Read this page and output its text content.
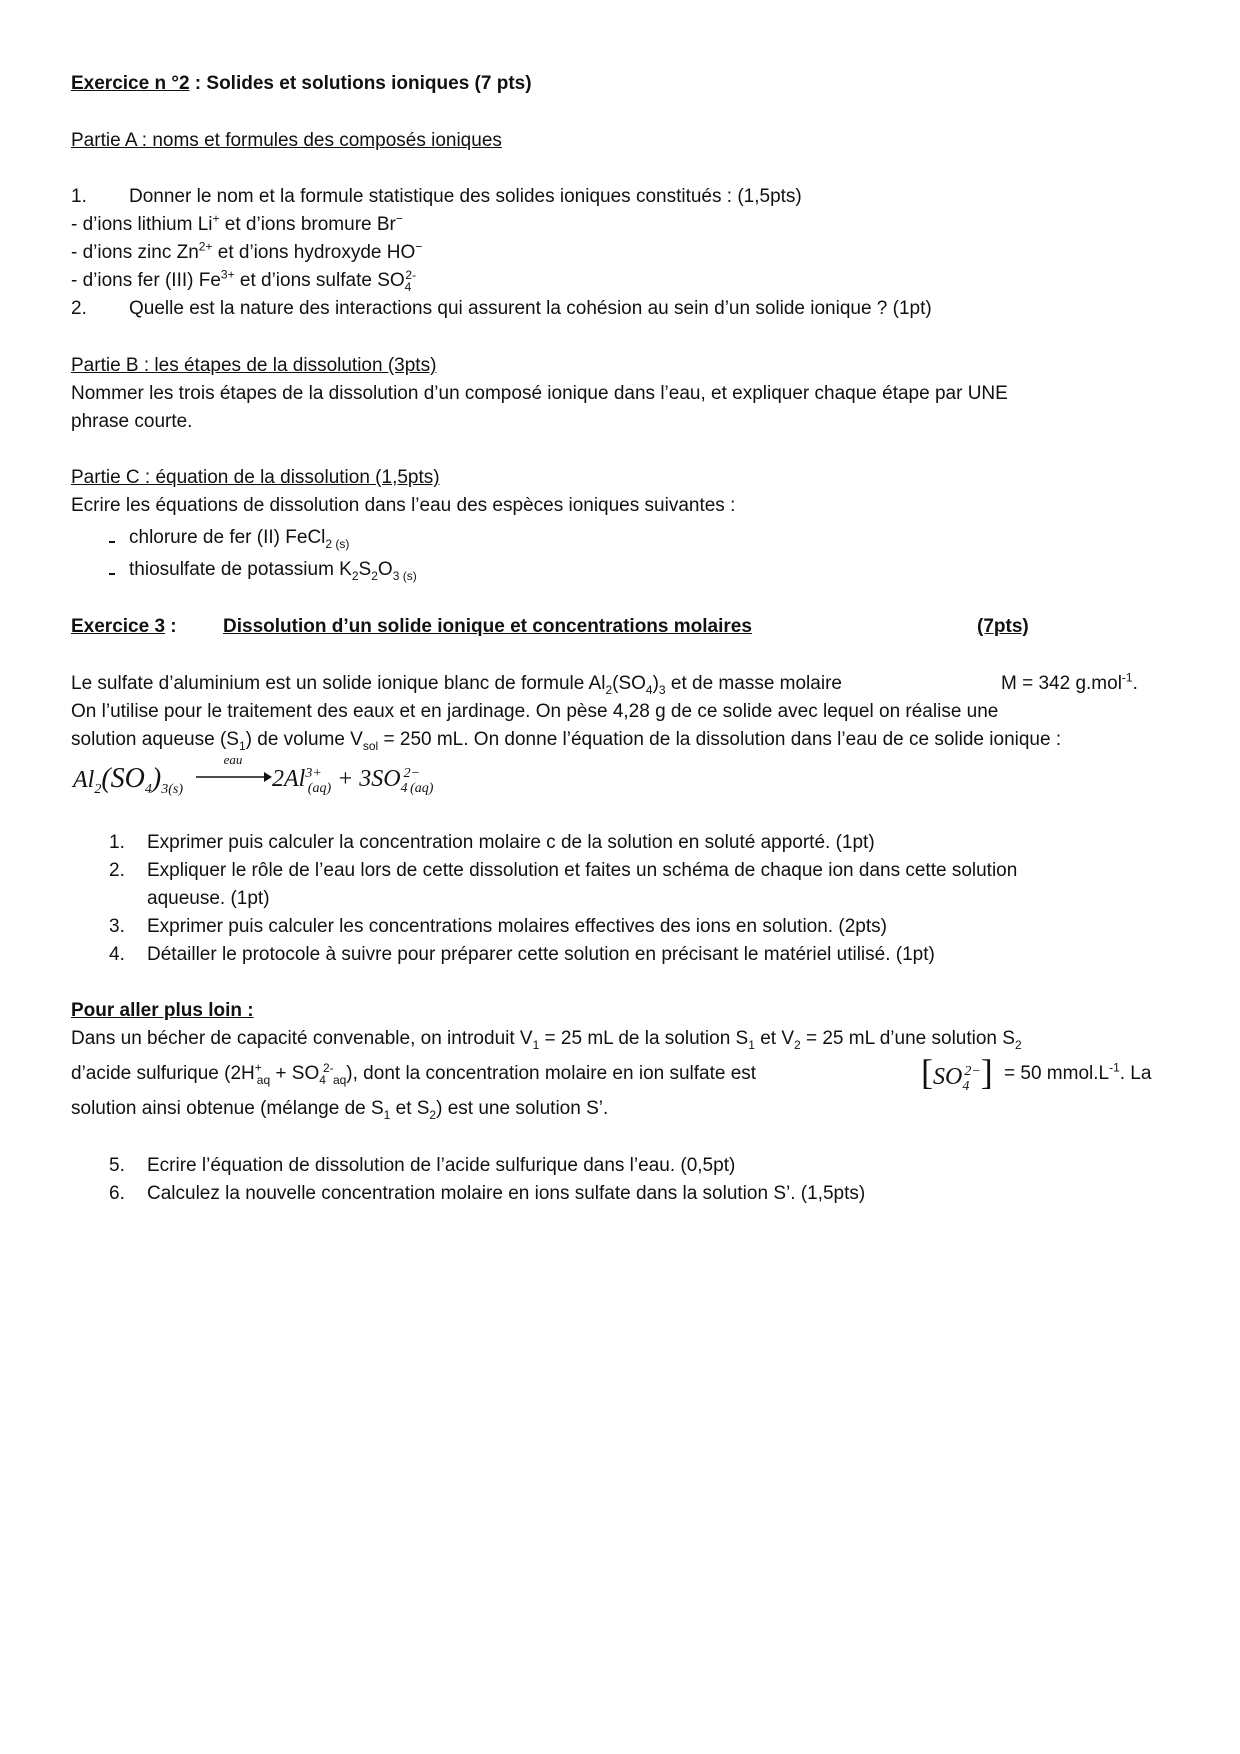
Exercice n °2 : Solides et solutions ioniques (7 pts)
Partie A : noms et formules des composés ioniques
1. Donner le nom et la formule statistique des solides ioniques constitués : (1,5pts)
- d’ions lithium Li+ et d’ions bromure Br−
- d’ions zinc $Zn^{2+}$ et d’ions hydroxyde HO−
- d’ions fer (III) $Fe^{3+}$ et d’ions sulfate $SO_4^{2-}$
2. Quelle est la nature des interactions qui assurent la cohésion au sein d’un solide ionique ? (1pt)
Partie B : les étapes de la dissolution (3pts)
Nommer les trois étapes de la dissolution d’un composé ionique dans l’eau, et expliquer chaque étape par UNE
phrase courte.
Partie C : équation de la dissolution (1,5pts)
Ecrire les équations de dissolution dans l’eau des espèces ioniques suivantes :
chlorure de fer (II) FeCl$_{2 (s)}$
thiosulfate de potassium $K_2S_2O_{3 (s)}$
Exercice 3 : Dissolution d’un solide ionique et concentrations molaires	(7pts)
Le sulfate d’aluminium est un solide ionique blanc de formule $Al_2(SO_4)_3$ et de masse molaire	M = 342 g.mol$^{-1}$.
On l’utilise pour le traitement des eaux et en jardinage. On pèse 4,28 g de ce solide avec lequel on réalise une
solution aqueuse $(S_1)$ de volume $V_{sol} = 250$ mL. On donne l’équation de la dissolution dans l’eau de ce solide ionique :
$Al_2(SO_4)_{3(s)}$
eau
→ $2Al^{3+}_{(aq)} + 3SO_4^{2-}_{(aq)}$
1. Exprimer puis calculer la concentration molaire c de la solution en soluté apporté. (1pt)
2. Expliquer le rôle de l’eau lors de cette dissolution et faites un schéma de chaque ion dans cette solution
aqueuse. (1pt)
3. Exprimer puis calculer les concentrations molaires effectives des ions en solution. (2pts)
4. Détailler le protocole à suivre pour préparer cette solution en précisant le matériel utilisé. (1pt)
Pour aller plus loin :
Dans un bécher de capacité convenable, on introduit $V_1 = 25$ mL de la solution $S_1$ et $V_2 = 25$ mL d’une solution $S_2$
d’acide sulfurique ($2H^+_{aq} + SO_4^{2-}$ $_{aq}$), dont la concentration molaire en ion sulfate est	$[SO_4^{2-}] = 50$ $mmol.L^{-1}$. La
solution ainsi obtenue (mélange de $S_1$ et $S_2$) est une solution S’.
5. Ecrire l’équation de dissolution de l’acide sulfurique dans l’eau. (0,5pt)
6. Calculez la nouvelle concentration molaire en ions sulfate dans la solution S’. (1,5pts)
